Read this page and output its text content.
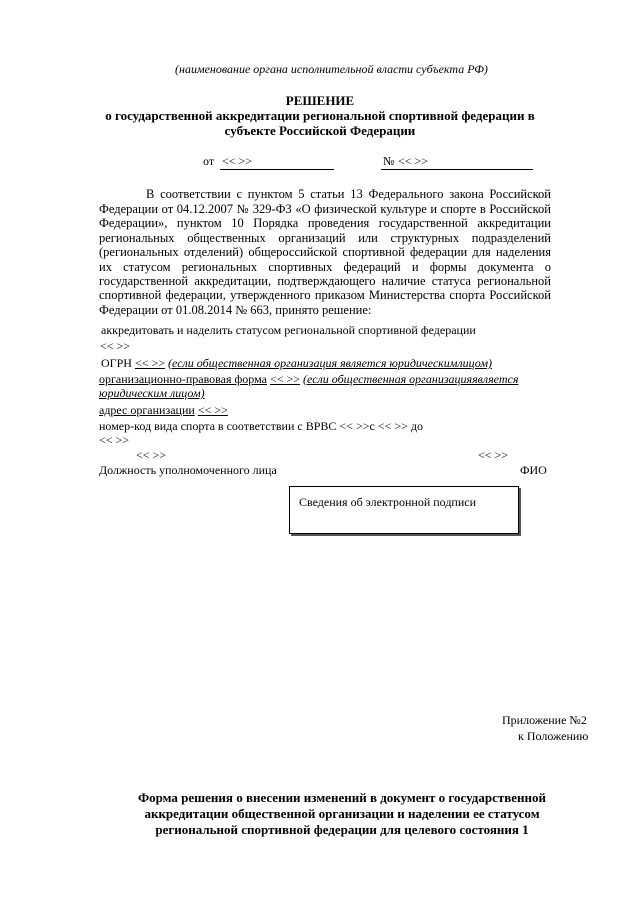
(наименование органа исполнительной власти субъекта РФ)
РЕШЕНИЕ
о государственной аккредитации региональной спортивной федерации в
субъекте Российской Федерации
от << >>	№ << >>
В соответствии с пунктом 5 статьи 13 Федерального закона Российской
Федерации от 04.12.2007 № 329-ФЗ «О физической культуре и спорте в Российской Федерации», пунктом 10 Порядка проведения государственной аккредитации региональных общественных организаций или структурных подразделений (региональных отделений) общероссийской спортивной федерации для наделения их статусом региональных спортивных федераций и формы документа о государственной аккредитации, подтверждающего наличие статуса региональной спортивной федерации, утвержденного приказом Министерства спорта Российской Федерации от 01.08.2014 № 663, принято решение:
аккредитовать и наделить статусом региональной спортивной федерации
<< >>
ОГРН << >> (если общественная организация является юридическимлицом)
организационно-правовая форма << >> (если общественная организацияявляется
юридическим лицом)
адрес организации << >>
номер-код вида спорта в соответствии с ВРВС << >>с << >> до
<< >>
<< >>	<< >>
Должность уполномоченного лица	ФИО
Сведения об электронной подписи
Приложение №2
к Положению
Форма решения о внесении изменений в документ о государственной
аккредитации общественной организации и наделении ее статусом
региональной спортивной федерации для целевого состояния 1
